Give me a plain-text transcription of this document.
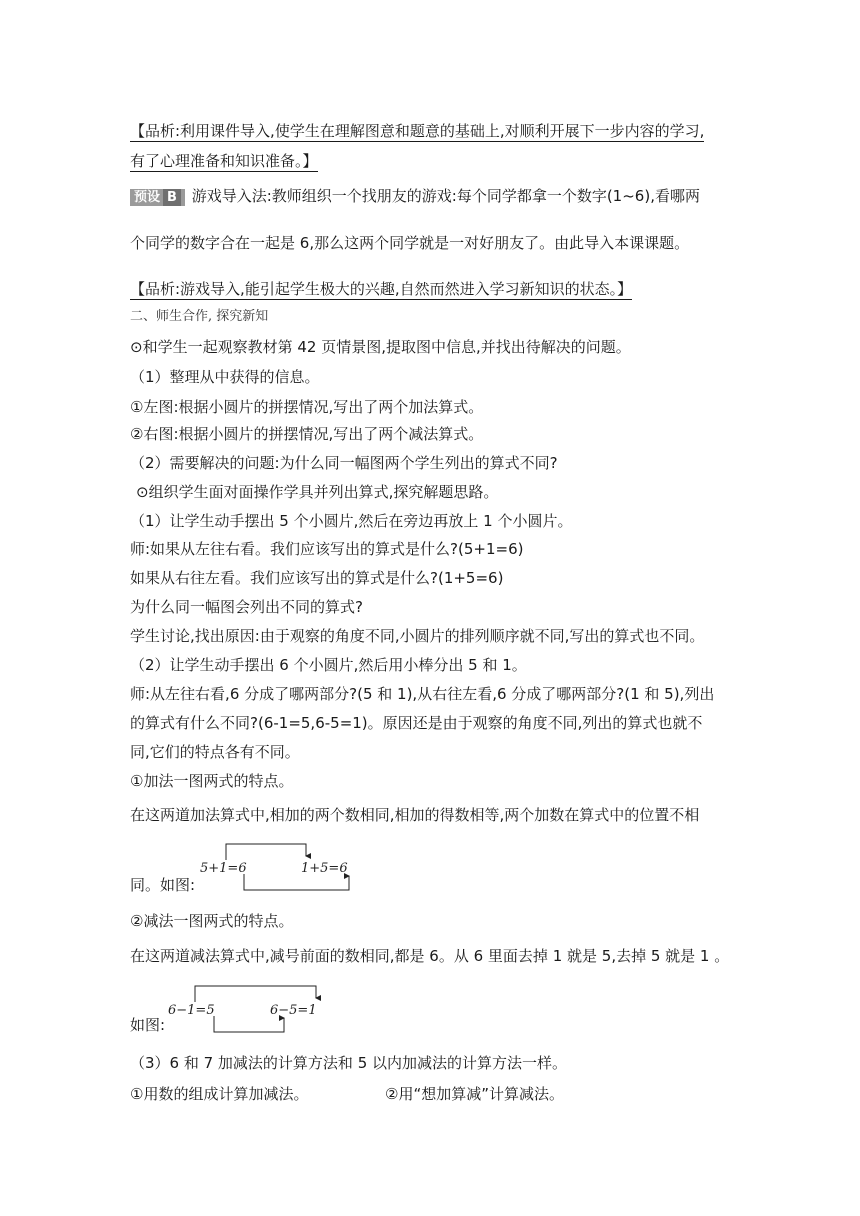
【品析:利用课件导入,使学生在理解图意和题意的基础上,对顺利开展下一步内容的学习,
有了心理准备和知识准备。】
预设 B 游戏导入法:教师组织一个找朋友的游戏:每个同学都拿一个数字(1~6),看哪两
个同学的数字合在一起是 6,那么这两个同学就是一对好朋友了。由此导入本课课题。
【品析:游戏导入,能引起学生极大的兴趣,自然而然进入学习新知识的状态。】
二、师生合作, 探究新知
⊙和学生一起观察教材第 42 页情景图,提取图中信息,并找出待解决的问题。
（1）整理从中获得的信息。
①左图:根据小圆片的拼摆情况,写出了两个加法算式。
②右图:根据小圆片的拼摆情况,写出了两个减法算式。
（2）需要解决的问题:为什么同一幅图两个学生列出的算式不同?
⊙组织学生面对面操作学具并列出算式,探究解题思路。
（1）让学生动手摆出 5 个小圆片,然后在旁边再放上 1 个小圆片。
师:如果从左往右看。我们应该写出的算式是什么?(5+1=6)
如果从右往左看。我们应该写出的算式是什么?(1+5=6)
为什么同一幅图会列出不同的算式?
学生讨论,找出原因:由于观察的角度不同,小圆片的排列顺序就不同,写出的算式也不同。
（2）让学生动手摆出 6 个小圆片,然后用小棒分出 5 和 1。
师:从左往右看,6 分成了哪两部分?(5 和 1),从右往左看,6 分成了哪两部分?(1 和 5),列出
的算式有什么不同?(6-1=5,6-5=1)。原因还是由于观察的角度不同,列出的算式也就不
同,它们的特点各有不同。
①加法一图两式的特点。
在这两道加法算式中,相加的两个数相同,相加的得数相等,两个加数在算式中的位置不相
同。如图:
5+1=6	1+5=6
②减法一图两式的特点。
在这两道减法算式中,减号前面的数相同,都是 6。从 6 里面去掉 1 就是 5,去掉 5 就是 1 。
如图:
6−1=5	6−5=1
（3）6 和 7 加减法的计算方法和 5 以内加减法的计算方法一样。
①用数的组成计算加减法。	②用“想加算减”计算减法。
